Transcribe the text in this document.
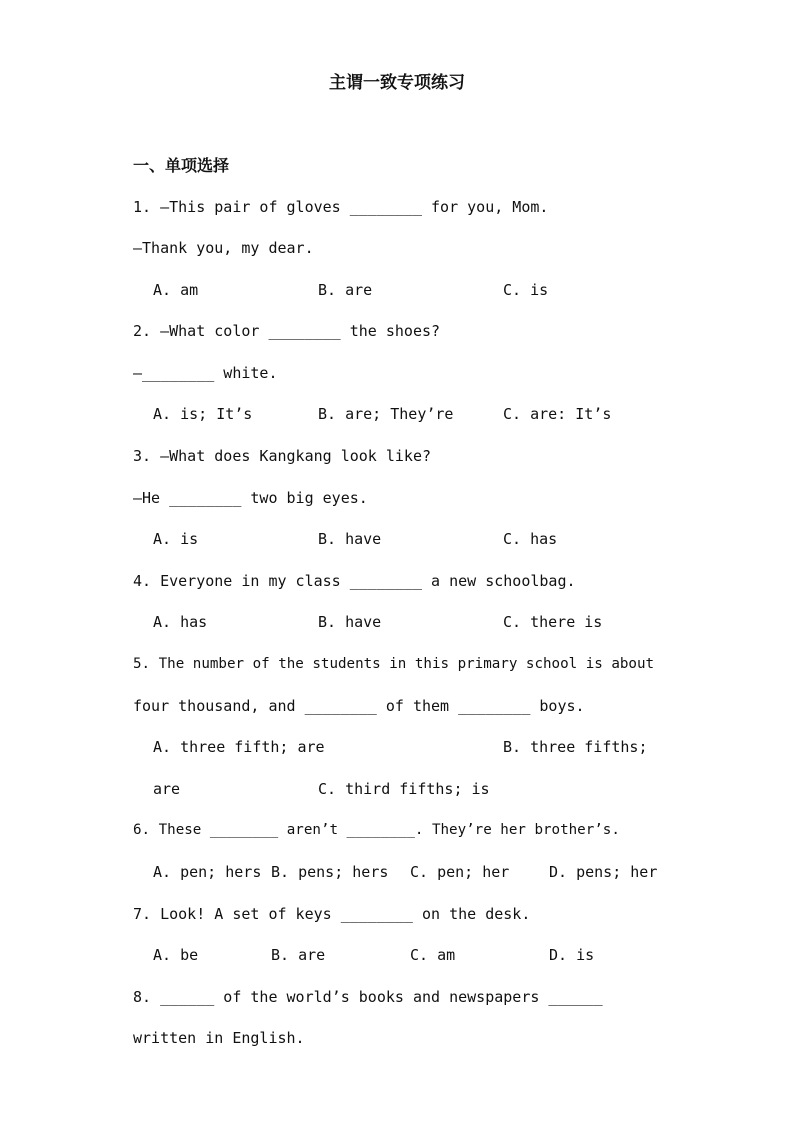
主谓一致专项练习
一、单项选择
1. —This pair of gloves ________ for you, Mom.
—Thank you, my dear.
A. am	B. are	C. is
2. —What color ________ the shoes?
—________ white.
A. is; It’s	B. are; They’re	C. are: It’s
3. —What does Kangkang look like?
—He ________ two big eyes.
A. is	B. have	C. has
4. Everyone in my class ________ a new schoolbag.
A. has	B. have	C. there is
5. The number of the students in this primary school is about
four thousand, and ________ of them ________ boys.
A. three fifth; are	B. three fifths;
are	C. third fifths; is
6. These ________ aren’t ________. They’re her brother’s.
A. pen; hers B. pens; hers C. pen; her	D. pens; her
7. Look! A set of keys ________ on the desk.
A. be	B. are	C. am	D. is
8. ______ of the world’s books and newspapers ______
written in English.
